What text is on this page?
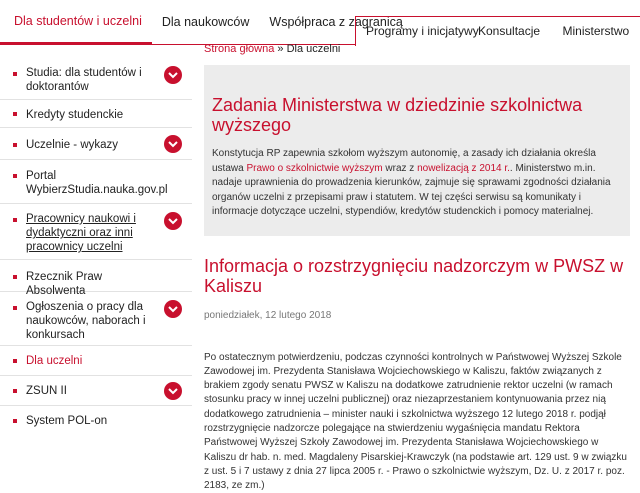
Dla studentów i uczelni	Dla naukowców	Współpraca z zagranicą
Programy i inicjatywy Konsultacje	Ministerstwo
Studia: dla studentów i doktorantów
Kredyty studenckie
Uczelnie - wykazy
Portal WybierzStudia.nauka.gov.pl
Pracownicy naukowi i dydaktyczni oraz inni pracownicy uczelni
Rzecznik Praw Absolwenta
Ogłoszenia o pracy dla naukowców, naborach i konkursach
Dla uczelni
ZSUN II
System POL-on
Strona główna » Dla uczelni
Zadania Ministerstwa w dziedzinie szkolnictwa wyższego

Konstytucja RP zapewnia szkołom wyższym autonomię, a zasady ich działania określa ustawa Prawo o szkolnictwie wyższym wraz z nowelizacją z 2014 r.. Ministerstwo m.in. nadaje uprawnienia do prowadzenia kierunków, zajmuje się sprawami zgodności działania organów uczelni z przepisami praw i statutem. W tej części serwisu są komunikaty i informacje dotyczące uczelni, stypendiów, kredytów studenckich i pomocy materialnej.

Informacja o rozstrzygnięciu nadzorczym w PWSZ w Kaliszu
poniedziałek, 12 lutego 2018

Po ostatecznym potwierdzeniu, podczas czynności kontrolnych w Państwowej Wyższej Szkole Zawodowej im. Prezydenta Stanisława Wojciechowskiego w Kaliszu, faktów związanych z brakiem zgody senatu PWSZ w Kaliszu na dodatkowe zatrudnienie rektor uczelni (w ramach stosunku pracy w innej uczelni publicznej) oraz niezaprzestaniem kontynuowania przez nią dodatkowego zatrudnienia – minister nauki i szkolnictwa wyższego 12 lutego 2018 r. podjął rozstrzygnięcie nadzorcze polegające na stwierdzeniu wygaśnięcia mandatu Rektora Państwowej Wyższej Szkoły Zawodowej im. Prezydenta Stanisława Wojciechowskiego w Kaliszu dr hab. n. med. Magdaleny Pisarskiej-Krawczyk (na podstawie art. 129 ust. 9 w związku z ust. 5 i 7 ustawy z dnia 27 lipca 2005 r. - Prawo o szkolnictwie wyższym, Dz. U. z 2017 r. poz. 2183, ze zm.)
